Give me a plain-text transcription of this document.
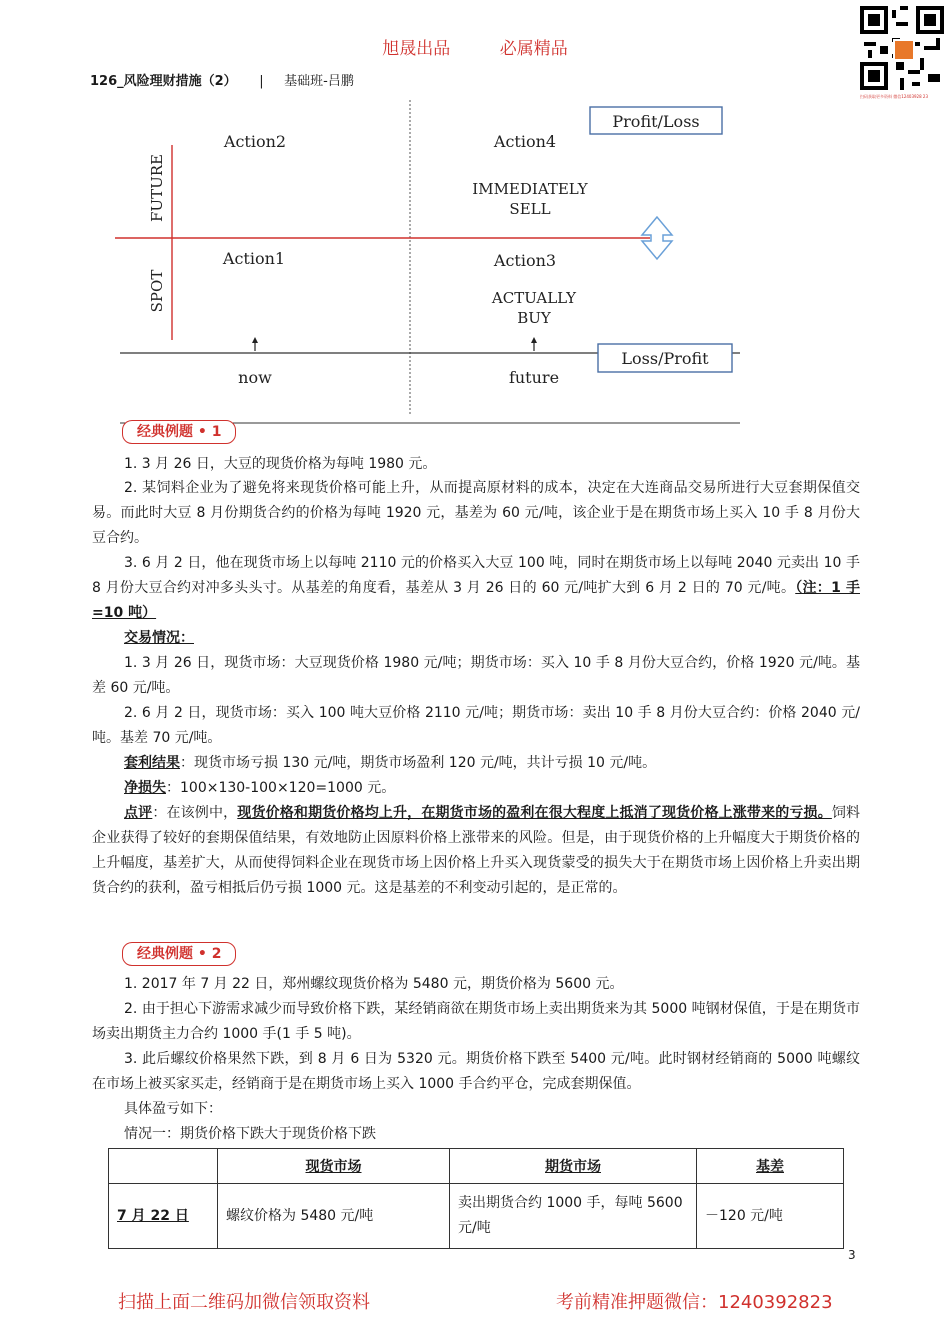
旭晟出品	必属精品
126_风险理财措施（2） | 基础班-吕鹏
扫码获取更多资料 微信12403928 23
FUTURE
SPOT
Action2	Action4
IMMEDIATELY
SELL
Action1	Action3
ACTUALLY
BUY
Profit/Loss
Loss/Profit
now	future
经典例题 • 1
1. 3 月 26 日，大豆的现货价格为每吨 1980 元。
2. 某饲料企业为了避免将来现货价格可能上升，从而提高原材料的成本，决定在大连商品交易所进行大豆套期保值交易。而此时大豆 8 月份期货合约的价格为每吨 1920 元，基差为 60 元/吨，该企业于是在期货市场上买入 10 手 8 月份大豆合约。
3. 6 月 2 日，他在现货市场上以每吨 2110 元的价格买入大豆 100 吨，同时在期货市场上以每吨 2040 元卖出 10 手 8 月份大豆合约对冲多头头寸。从基差的角度看，基差从 3 月 26 日的 60 元/吨扩大到 6 月 2 日的 70 元/吨。（注：1 手=10 吨）
交易情况：
1. 3 月 26 日，现货市场：大豆现货价格 1980 元/吨；期货市场：买入 10 手 8 月份大豆合约，价格 1920 元/吨。基差 60 元/吨。
2. 6 月 2 日，现货市场：买入 100 吨大豆价格 2110 元/吨；期货市场：卖出 10 手 8 月份大豆合约：价格 2040 元/吨。基差 70 元/吨。
套利结果：现货市场亏损 130 元/吨，期货市场盈利 120 元/吨，共计亏损 10 元/吨。
净损失：100×130-100×120=1000 元。
点评：在该例中，现货价格和期货价格均上升，在期货市场的盈利在很大程度上抵消了现货价格上涨带来的亏损。饲料企业获得了较好的套期保值结果，有效地防止因原料价格上涨带来的风险。但是，由于现货价格的上升幅度大于期货价格的上升幅度，基差扩大，从而使得饲料企业在现货市场上因价格上升买入现货蒙受的损失大于在期货市场上因价格上升卖出期货合约的获利，盈亏相抵后仍亏损 1000 元。这是基差的不利变动引起的，是正常的。
经典例题 • 2
1. 2017 年 7 月 22 日，郑州螺纹现货价格为 5480 元，期货价格为 5600 元。
2. 由于担心下游需求减少而导致价格下跌，某经销商欲在期货市场上卖出期货来为其 5000 吨钢材保值，于是在期货市场卖出期货主力合约 1000 手(1 手 5 吨)。
3. 此后螺纹价格果然下跌，到 8 月 6 日为 5320 元。期货价格下跌至 5400 元/吨。此时钢材经销商的 5000 吨螺纹在市场上被买家买走，经销商于是在期货市场上买入 1000 手合约平仓，完成套期保值。
具体盈亏如下：
情况一：期货价格下跌大于现货价格下跌
	现货市场	期货市场	基差
7 月 22 日	螺纹价格为 5480 元/吨	卖出期货合约 1000 手，每吨 5600 元/吨	－120 元/吨
3
扫描上面二维码加微信领取资料	考前精准押题微信：1240392823
